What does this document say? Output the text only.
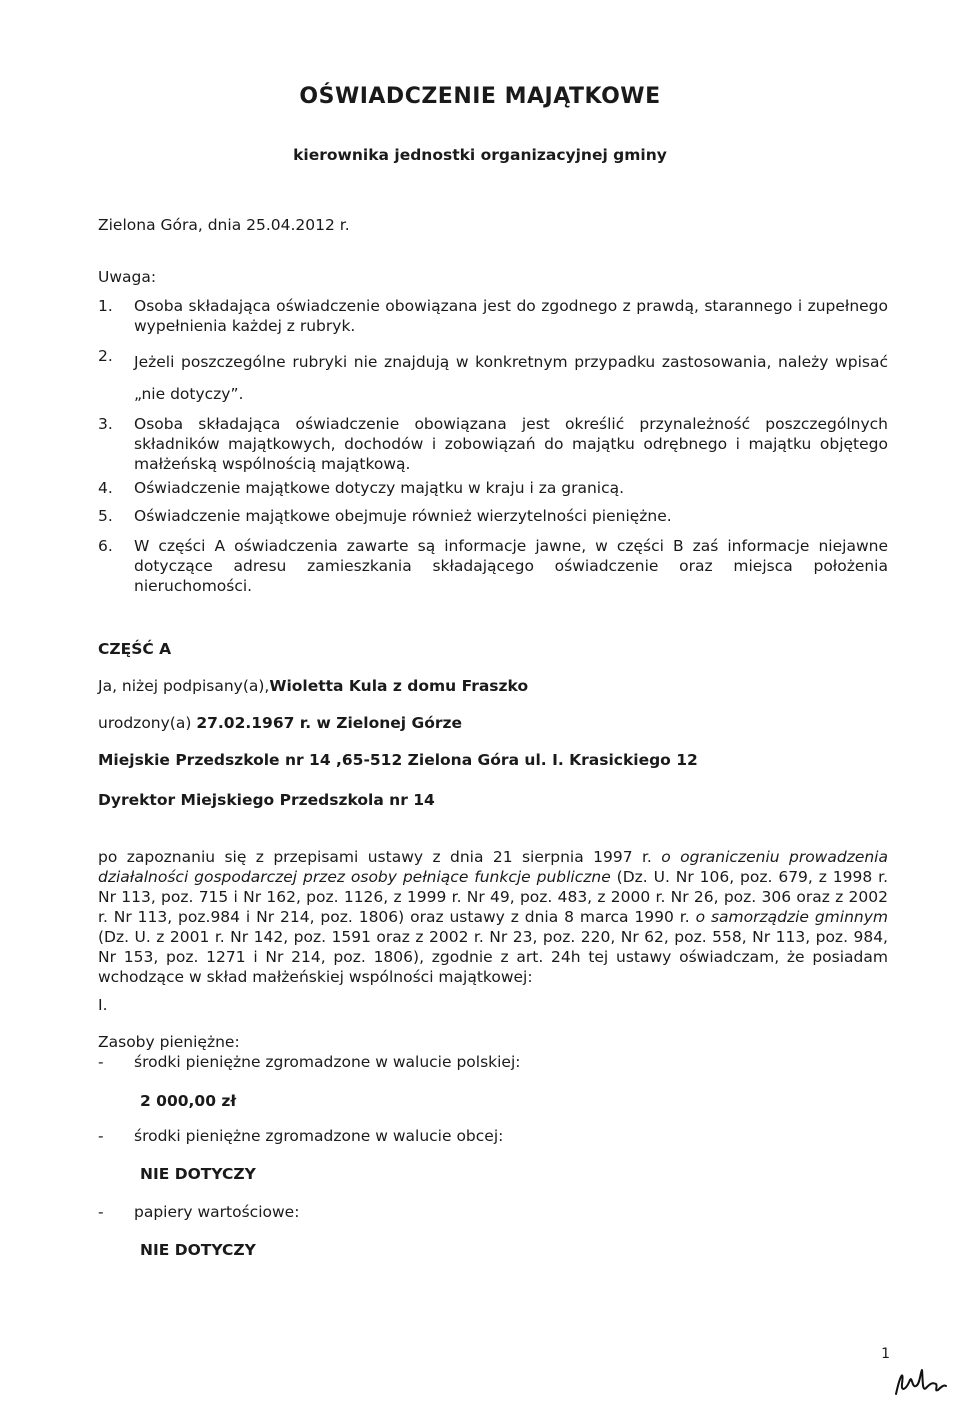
OŚWIADCZENIE MAJĄTKOWE
kierownika jednostki organizacyjnej gminy
Zielona Góra, dnia 25.04.2012 r.
Uwaga:
1.	Osoba składająca oświadczenie obowiązana jest do zgodnego z prawdą, starannego i zupełnego wypełnienia każdej z rubryk.
2.	Jeżeli poszczególne rubryki nie znajdują w konkretnym przypadku zastosowania, należy wpisać „nie dotyczy”.
3.	Osoba składająca oświadczenie obowiązana jest określić przynależność poszczególnych składników majątkowych, dochodów i zobowiązań do majątku odrębnego i majątku objętego małżeńską wspólnością majątkową.
4.	Oświadczenie majątkowe dotyczy majątku w kraju i za granicą.
5.	Oświadczenie majątkowe obejmuje również wierzytelności pieniężne.
6.	W części A oświadczenia zawarte są informacje jawne, w części B zaś informacje niejawne dotyczące adresu zamieszkania składającego oświadczenie oraz miejsca położenia nieruchomości.
CZĘŚĆ A
Ja, niżej podpisany(a),Wioletta Kula z domu Fraszko
urodzony(a) 27.02.1967 r. w Zielonej Górze
Miejskie Przedszkole nr 14 ,65-512 Zielona Góra ul. I. Krasickiego 12
Dyrektor Miejskiego Przedszkola nr 14
po zapoznaniu się z przepisami ustawy z dnia 21 sierpnia 1997 r. o ograniczeniu prowadzenia działalności gospodarczej przez osoby pełniące funkcje publiczne (Dz. U. Nr 106, poz. 679, z 1998 r. Nr 113, poz. 715 i Nr 162, poz. 1126, z 1999 r. Nr 49, poz. 483, z 2000 r. Nr 26, poz. 306 oraz z 2002 r. Nr 113, poz.984 i Nr 214, poz. 1806) oraz ustawy z dnia 8 marca 1990 r. o samorządzie gminnym (Dz. U. z 2001 r. Nr 142, poz. 1591 oraz z 2002 r. Nr 23, poz. 220, Nr 62, poz. 558, Nr 113, poz. 984, Nr 153, poz. 1271 i Nr 214, poz. 1806), zgodnie z art. 24h tej ustawy oświadczam, że posiadam wchodzące w skład małżeńskiej wspólności majątkowej:
I.
Zasoby pieniężne:
-	środki pieniężne zgromadzone w walucie polskiej:
2 000,00 zł
-	środki pieniężne zgromadzone w walucie obcej:
NIE DOTYCZY
-	papiery wartościowe:
NIE DOTYCZY
1
